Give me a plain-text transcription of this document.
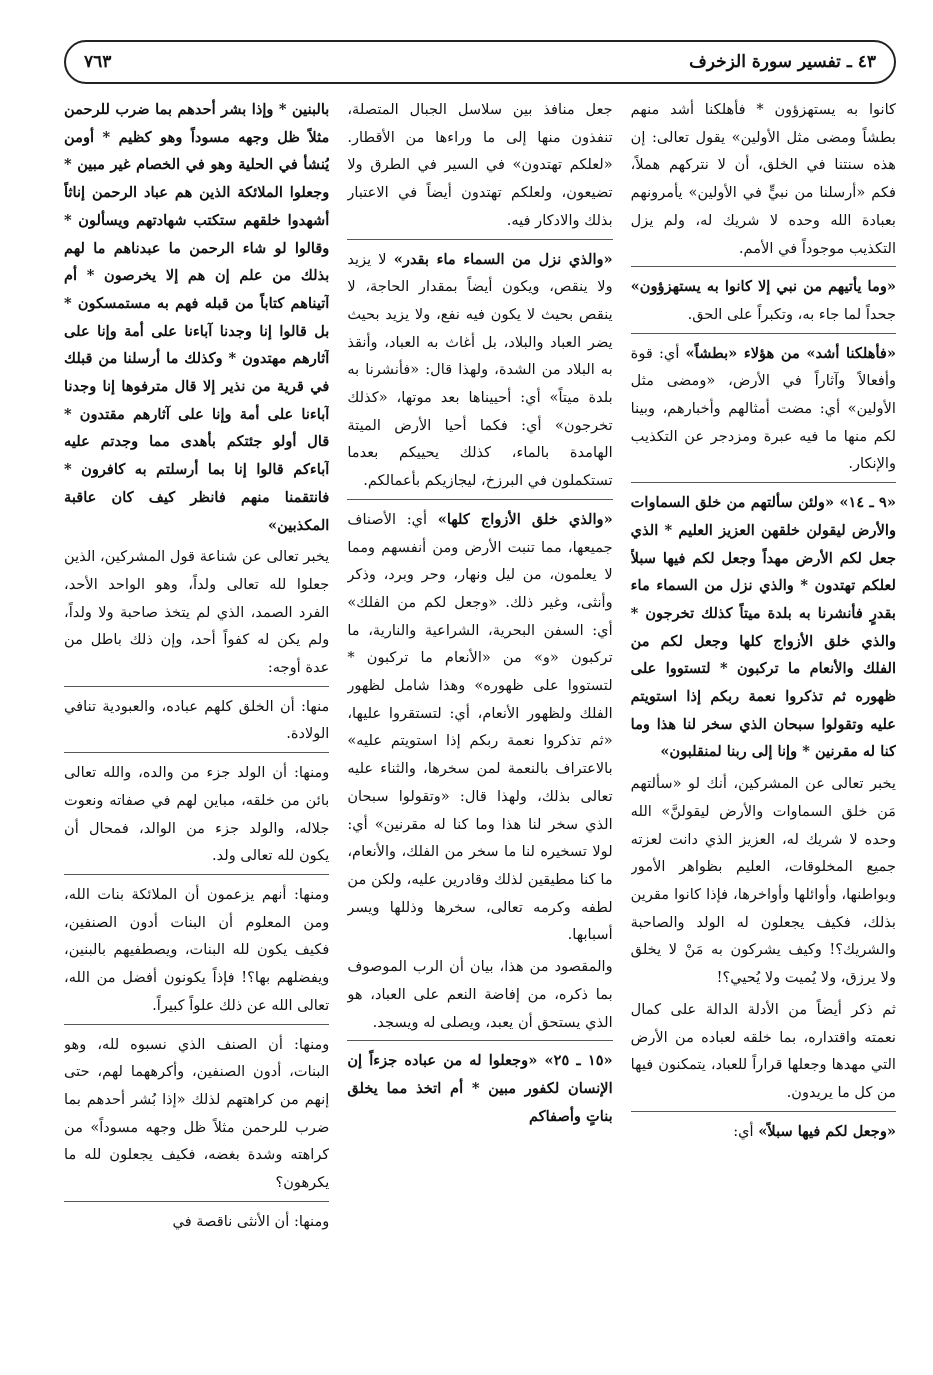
٤٣ ـ تفسير سورة الزخرف
٧٦٣

كانوا به يستهزؤون * فأهلكنا أشد منهم بطشاً ومضى مثل الأولين» يقول تعالى: إن هذه سنتنا في الخلق، أن لا نتركهم هملاً، فكم «أرسلنا من نبيٍّ في الأولين» يأمرونهم بعبادة الله وحده لا شريك له، ولم يزل التكذيب موجوداً في الأمم.

«وما يأتيهم من نبي إلا كانوا به يستهزؤون» جحداً لما جاء به، وتكبراً على الحق.

«فأهلكنا أشد» من هؤلاء «بطشاً» أي: قوة وأفعالاً وآثاراً في الأرض، «ومضى مثل الأولين» أي: مضت أمثالهم وأخبارهم، وبينا لكم منها ما فيه عبرة ومزدجر عن التكذيب والإنكار.

«٩ ـ ١٤» «ولئن سألتهم من خلق السماوات والأرض ليقولن خلقهن العزيز العليم * الذي جعل لكم الأرض مهداً وجعل لكم فيها سبلاً لعلكم تهتدون * والذي نزل من السماء ماء بقدرٍ فأنشرنا به بلدة ميتاً كذلك تخرجون * والذي خلق الأزواج كلها وجعل لكم من الفلك والأنعام ما تركبون * لتستووا على ظهوره ثم تذكروا نعمة ربكم إذا استويتم عليه وتقولوا سبحان الذي سخر لنا هذا وما كنا له مقرنين * وإنا إلى ربنا لمنقلبون»

يخبر تعالى عن المشركين، أنك لو «سألتهم مَن خلق السماوات والأرض ليقولنَّ» الله وحده لا شريك له، العزيز الذي دانت لعزته جميع المخلوقات، العليم بظواهر الأمور وبواطنها، وأوائلها وأواخرها، فإذا كانوا مقرين بذلك، فكيف يجعلون له الولد والصاحبة والشريك؟! وكيف يشركون به مَنْ لا يخلق ولا يرزق، ولا يُميت ولا يُحيي؟!

ثم ذكر أيضاً من الأدلة الدالة على كمال نعمته واقتداره، بما خلقه لعباده من الأرض التي مهدها وجعلها قراراً للعباد، يتمكنون فيها من كل ما يريدون.

«وجعل لكم فيها سبلاً» أي:

جعل منافذ بين سلاسل الجبال المتصلة، تنفذون منها إلى ما وراءها من الأقطار. «لعلكم تهتدون» في السير في الطرق ولا تضيعون، ولعلكم تهتدون أيضاً في الاعتبار بذلك والادكار فيه.

«والذي نزل من السماء ماء بقدر» لا يزيد ولا ينقص، ويكون أيضاً بمقدار الحاجة، لا ينقص بحيث لا يكون فيه نفع، ولا يزيد بحيث يضر العباد والبلاد، بل أغاث به العباد، وأنقذ به البلاد من الشدة، ولهذا قال: «فأنشرنا به بلدة ميتاً» أي: أحييناها بعد موتها، «كذلك تخرجون» أي: فكما أحيا الأرض الميتة الهامدة بالماء، كذلك يحييكم بعدما تستكملون في البرزخ، ليجازيكم بأعمالكم.

«والذي خلق الأزواج كلها» أي: الأصناف جميعها، مما تنبت الأرض ومن أنفسهم ومما لا يعلمون، من ليل ونهار، وحر وبرد، وذكر وأنثى، وغير ذلك. «وجعل لكم من الفلك» أي: السفن البحرية، الشراعية والنارية، ما تركبون «و» من «الأنعام ما تركبون * لتستووا على ظهوره» وهذا شامل لظهور الفلك ولظهور الأنعام، أي: لتستقروا عليها، «ثم تذكروا نعمة ربكم إذا استويتم عليه» بالاعتراف بالنعمة لمن سخرها، والثناء عليه تعالى بذلك، ولهذا قال: «وتقولوا سبحان الذي سخر لنا هذا وما كنا له مقرنين» أي: لولا تسخيره لنا ما سخر من الفلك، والأنعام، ما كنا مطيقين لذلك وقادرين عليه، ولكن من لطفه وكرمه تعالى، سخرها وذللها ويسر أسبابها.

والمقصود من هذا، بيان أن الرب الموصوف بما ذكره، من إفاضة النعم على العباد، هو الذي يستحق أن يعبد، ويصلى له ويسجد.

«١٥ ـ ٢٥» «وجعلوا له من عباده جزءاً إن الإنسان لكفور مبين * أم اتخذ مما يخلق بناتٍ وأصفاكم

بالبنين * وإذا بشر أحدهم بما ضرب للرحمن مثلاً ظل وجهه مسوداً وهو كظيم * أومن يُنشأ في الحلية وهو في الخصام غير مبين * وجعلوا الملائكة الذين هم عباد الرحمن إناثاً أشهدوا خلقهم ستكتب شهادتهم ويسألون * وقالوا لو شاء الرحمن ما عبدناهم ما لهم بذلك من علم إن هم إلا يخرصون * أم آتيناهم كتاباً من قبله فهم به مستمسكون * بل قالوا إنا وجدنا آباءنا على أمة وإنا على آثارهم مهتدون * وكذلك ما أرسلنا من قبلك في قرية من نذير إلا قال مترفوها إنا وجدنا آباءنا على أمة وإنا على آثارهم مقتدون * قال أولو جئتكم بأهدى مما وجدتم عليه آباءكم قالوا إنا بما أرسلتم به كافرون * فانتقمنا منهم فانظر كيف كان عاقبة المكذبين»

يخبر تعالى عن شناعة قول المشركين، الذين جعلوا لله تعالى ولداً، وهو الواحد الأحد، الفرد الصمد، الذي لم يتخذ صاحبة ولا ولداً، ولم يكن له كفواً أحد، وإن ذلك باطل من عدة أوجه:

منها: أن الخلق كلهم عباده، والعبودية تنافي الولادة.

ومنها: أن الولد جزء من والده، والله تعالى بائن من خلقه، مباين لهم في صفاته ونعوت جلاله، والولد جزء من الوالد، فمحال أن يكون لله تعالى ولد.

ومنها: أنهم يزعمون أن الملائكة بنات الله، ومن المعلوم أن البنات أدون الصنفين، فكيف يكون لله البنات، ويصطفيهم بالبنين، ويفضلهم بها؟! فإذاً يكونون أفضل من الله، تعالى الله عن ذلك علواً كبيراً.

ومنها: أن الصنف الذي نسبوه لله، وهو البنات، أدون الصنفين، وأكرههما لهم، حتى إنهم من كراهتهم لذلك «إذا بُشر أحدهم بما ضرب للرحمن مثلاً ظل وجهه مسوداً» من كراهته وشدة بغضه، فكيف يجعلون لله ما يكرهون؟

ومنها: أن الأنثى ناقصة في
